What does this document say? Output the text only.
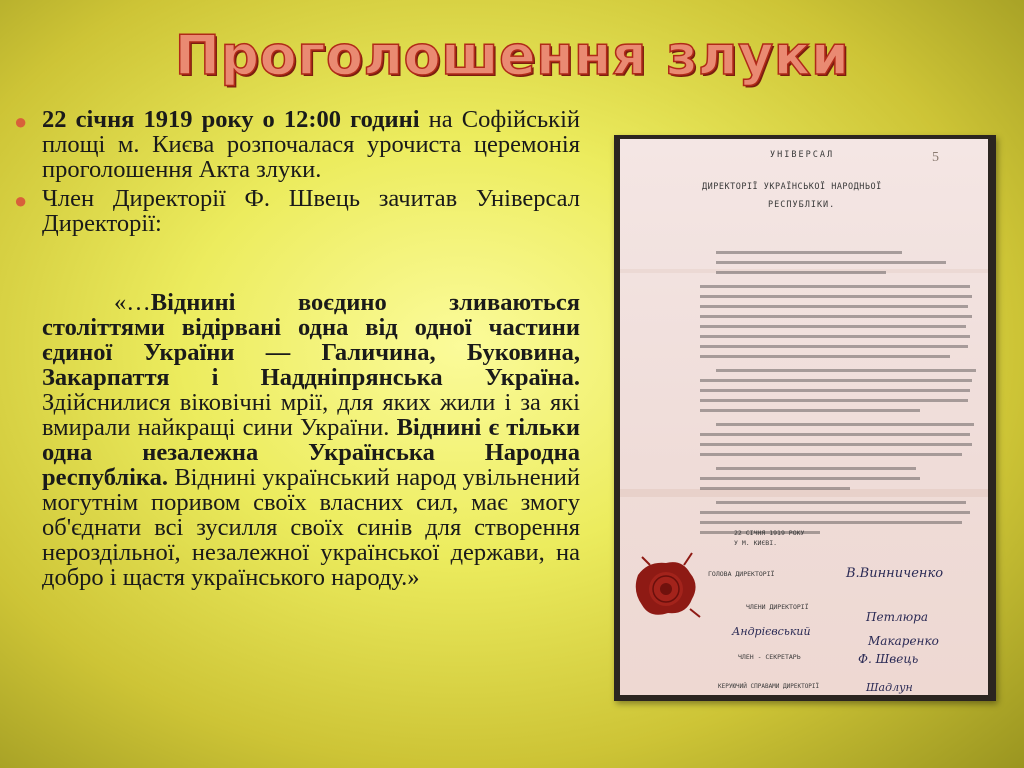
Проголошення злуки
● 22 січня 1919 року о 12:00 годині на Софійській площі м. Києва розпочалася урочиста церемонія проголошення Акта злуки.
● Член Директорії Ф. Швець зачитав Універсал Директорії:
«…Віднині воєдино зливаються століттями відірвані одна від одної частини єдиної України — Галичина, Буковина, Закарпаття і Наддніпрянська Україна. Здійснилися віковічні мрії, для яких жили і за які вмирали найкращі сини України. Віднині є тільки одна незалежна Українська Народна республіка. Віднині український народ увільнений могутнім поривом своїх власних сил, має змогу об'єднати всі зусилля своїх синів для створення нероздільної, незалежної української держави, на добро і щастя українського народу.»
5
УНІВЕРСАЛ
ДИРЕКТОРІЇ УКРАЇНСЬКОЇ НАРОДНЬОЇ
РЕСПУБЛІКИ.
22 СІЧНЯ 1919 РОКУ
У М. КИЄВІ.
ГОЛОВА ДИРЕКТОРІЇ
ЧЛЕНИ ДИРЕКТОРІЇ
ЧЛЕН - СЕКРЕТАРЬ
КЕРУЮЧИЙ СПРАВАМИ ДИРЕКТОРІЇ
В.Винниченко
Андрієвський
Петлюра
Макаренко
Ф. Швець
Шадлун
